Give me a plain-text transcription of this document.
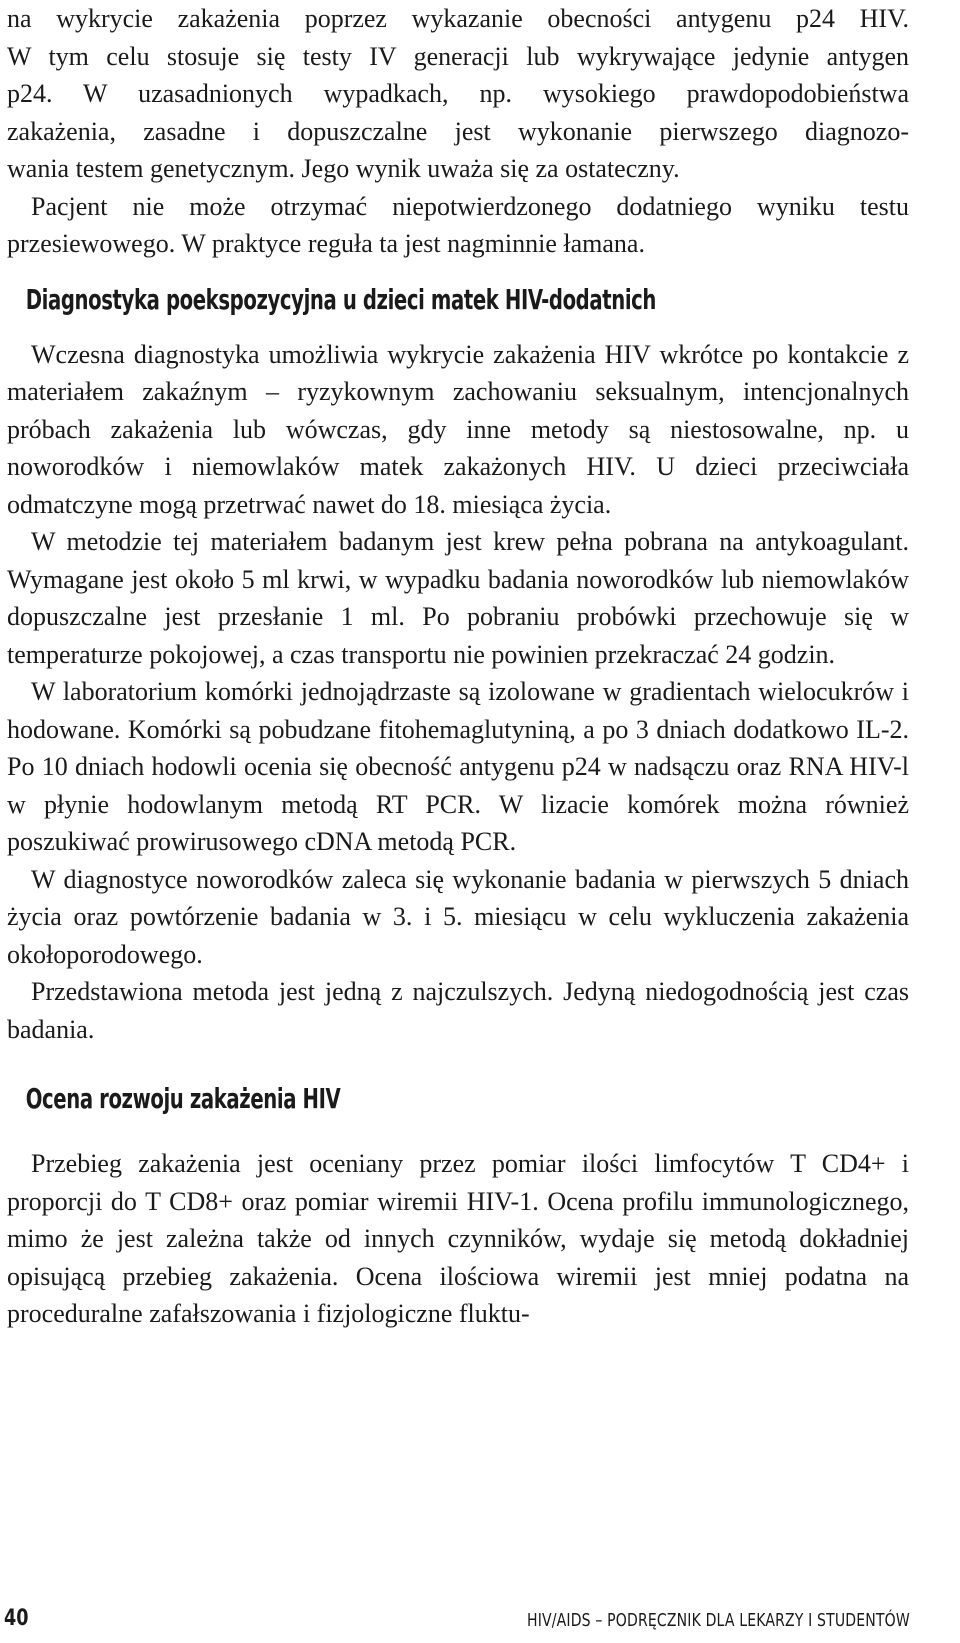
na wykrycie zakażenia poprzez wykazanie obecności antygenu p24 HIV.
W tym celu stosuje się testy IV generacji lub wykrywające jedynie antygen
p24. W uzasadnionych wypadkach, np. wysokiego prawdopodobieństwa
zakażenia, zasadne i dopuszczalne jest wykonanie pierwszego diagnozo-
wania testem genetycznym. Jego wynik uważa się za ostateczny.
Pacjent nie może otrzymać niepotwierdzonego dodatniego wyniku testu
przesiewowego. W praktyce reguła ta jest nagminnie łamana.
Diagnostyka poekspozycyjna u dzieci matek HIV-dodatnich

Wczesna diagnostyka umożliwia wykrycie zakażenia HIV wkrótce po kontakcie z materiałem zakaźnym – ryzykownym zachowaniu seksualnym, intencjonalnych próbach zakażenia lub wówczas, gdy inne metody są niestosowalne, np. u noworodków i niemowlaków matek zakażonych HIV. U dzieci przeciwciała odmatczyne mogą przetrwać nawet do 18. miesiąca życia.

W metodzie tej materiałem badanym jest krew pełna pobrana na antykoagulant. Wymagane jest około 5 ml krwi, w wypadku badania noworodków lub niemowlaków dopuszczalne jest przesłanie 1 ml. Po pobraniu probówki przechowuje się w temperaturze pokojowej, a czas transportu nie powinien przekraczać 24 godzin.

W laboratorium komórki jednojądrzaste są izolowane w gradientach wielocukrów i hodowane. Komórki są pobudzane fitohemaglutyniną, a po 3 dniach dodatkowo IL-2. Po 10 dniach hodowli ocenia się obecność antygenu p24 w nadsączu oraz RNA HIV-l w płynie hodowlanym metodą RT PCR. W lizacie komórek można również poszukiwać prowirusowego cDNA metodą PCR.

W diagnostyce noworodków zaleca się wykonanie badania w pierwszych 5 dniach życia oraz powtórzenie badania w 3. i 5. miesiącu w celu wykluczenia zakażenia okołoporodowego.

Przedstawiona metoda jest jedną z najczulszych. Jedyną niedogodnością jest czas badania.

Ocena rozwoju zakażenia HIV

Przebieg zakażenia jest oceniany przez pomiar ilości limfocytów T CD4+ i proporcji do T CD8+ oraz pomiar wiremii HIV-1. Ocena profilu immunologicznego, mimo że jest zależna także od innych czynników, wydaje się metodą dokładniej opisującą przebieg zakażenia. Ocena ilościowa wiremii jest mniej podatna na proceduralne zafałszowania i fizjologiczne fluktu-

40	HIV/AIDS – PODRĘCZNIK DLA LEKARZY I STUDENTÓW
